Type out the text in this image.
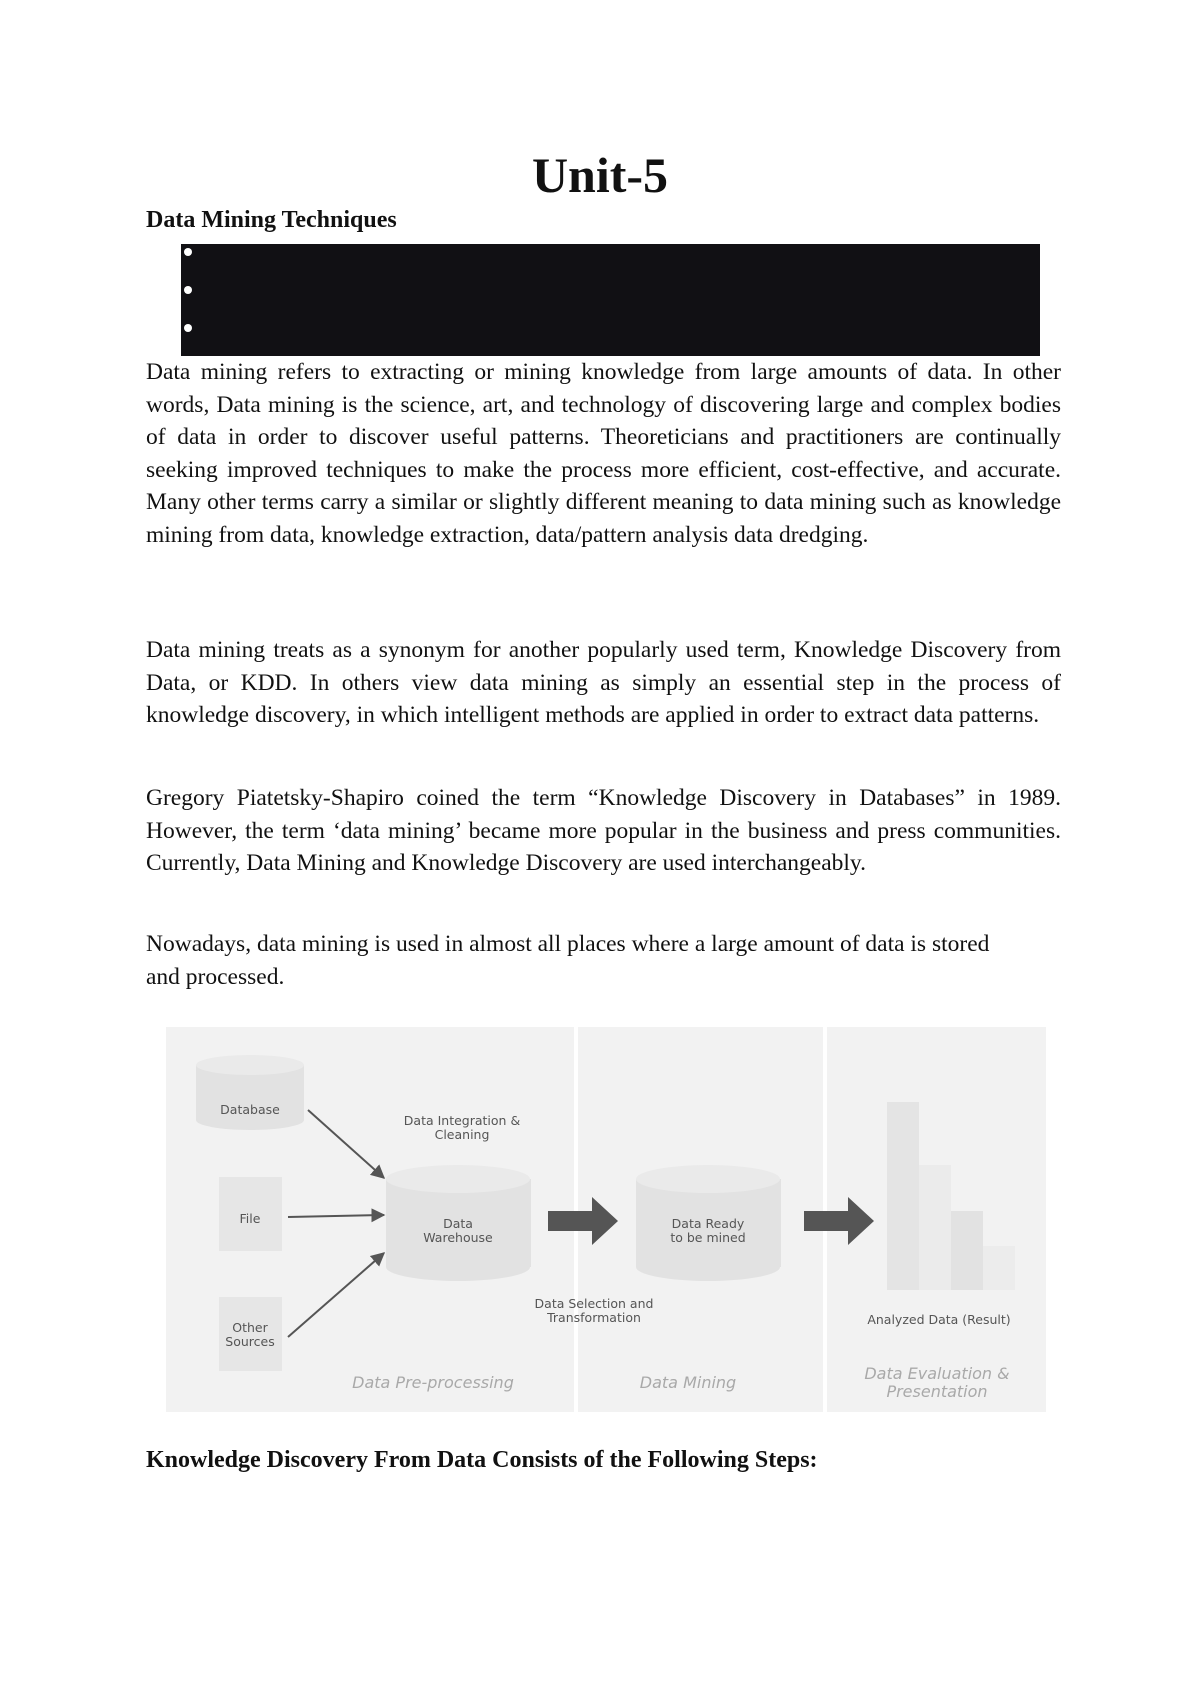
Unit-5
Data Mining Techniques

Data mining refers to extracting or mining knowledge from large amounts of data. In other words, Data mining is the science, art, and technology of discovering large and complex bodies of data in order to discover useful patterns. Theoreticians and practitioners are continually seeking improved techniques to make the process more efficient, cost-effective, and accurate. Many other terms carry a similar or slightly different meaning to data mining such as knowledge mining from data, knowledge extraction, data/pattern analysis data dredging.

Data mining treats as a synonym for another popularly used term, Knowledge Discovery from Data, or KDD. In others view data mining as simply an essential step in the process of knowledge discovery, in which intelligent methods are applied in order to extract data patterns.

Gregory Piatetsky-Shapiro coined the term “Knowledge Discovery in Databases” in 1989. However, the term ‘data mining’ became more popular in the business and press communities. Currently, Data Mining and Knowledge Discovery are used interchangeably.

Nowadays, data mining is used in almost all places where a large amount of data is stored and processed.

Database
File
Other Sources
Data Integration & Cleaning
Data Warehouse
Data Selection and Transformation
Data Ready to be mined
Analyzed Data (Result)
Data Pre-processing	Data Mining	Data Evaluation & Presentation
Knowledge Discovery From Data Consists of the Following Steps:
